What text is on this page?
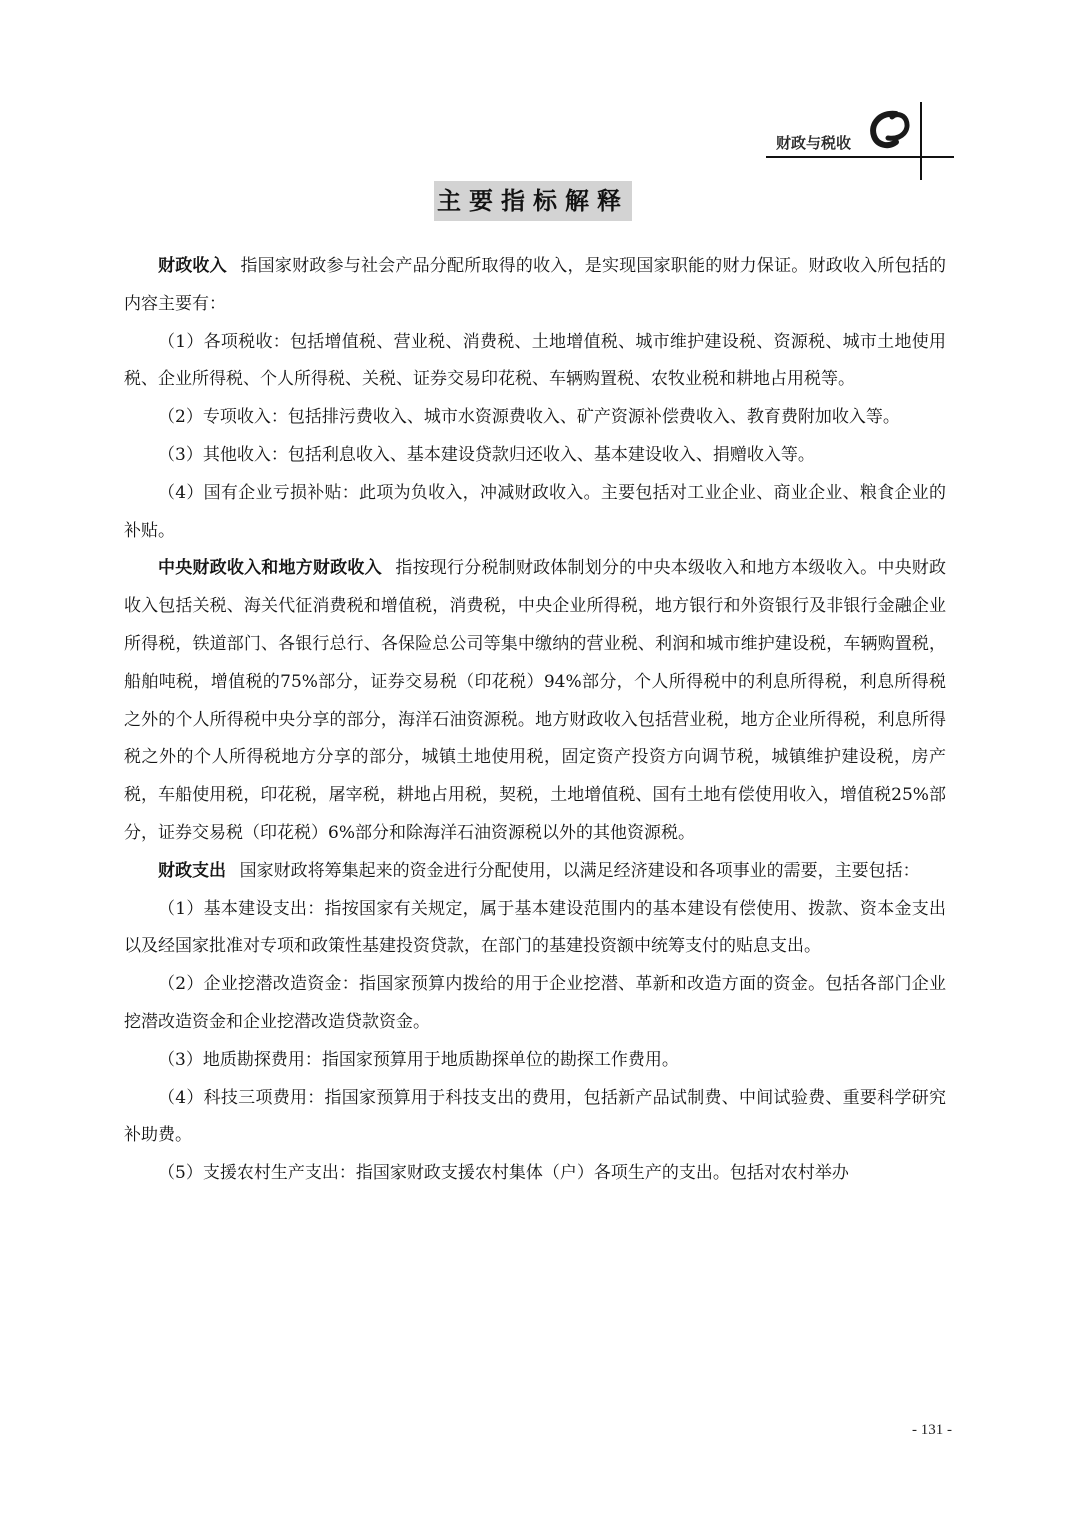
财政与税收
主要指标解释

财政收入 指国家财政参与社会产品分配所取得的收入，是实现国家职能的财力保证。财政收入所包括的内容主要有：

（1）各项税收：包括增值税、营业税、消费税、土地增值税、城市维护建设税、资源税、城市土地使用税、企业所得税、个人所得税、关税、证券交易印花税、车辆购置税、农牧业税和耕地占用税等。

（2）专项收入：包括排污费收入、城市水资源费收入、矿产资源补偿费收入、教育费附加收入等。

（3）其他收入：包括利息收入、基本建设贷款归还收入、基本建设收入、捐赠收入等。

（4）国有企业亏损补贴：此项为负收入，冲减财政收入。主要包括对工业企业、商业企业、粮食企业的补贴。

中央财政收入和地方财政收入 指按现行分税制财政体制划分的中央本级收入和地方本级收入。中央财政收入包括关税、海关代征消费税和增值税，消费税，中央企业所得税，地方银行和外资银行及非银行金融企业所得税，铁道部门、各银行总行、各保险总公司等集中缴纳的营业税、利润和城市维护建设税，车辆购置税，船舶吨税，增值税的75%部分，证券交易税（印花税）94%部分，个人所得税中的利息所得税，利息所得税之外的个人所得税中央分享的部分，海洋石油资源税。地方财政收入包括营业税，地方企业所得税，利息所得税之外的个人所得税地方分享的部分，城镇土地使用税，固定资产投资方向调节税，城镇维护建设税，房产税，车船使用税，印花税，屠宰税，耕地占用税，契税，土地增值税、国有土地有偿使用收入，增值税25%部分，证券交易税（印花税）6%部分和除海洋石油资源税以外的其他资源税。

财政支出 国家财政将筹集起来的资金进行分配使用，以满足经济建设和各项事业的需要，主要包括：

（1）基本建设支出：指按国家有关规定，属于基本建设范围内的基本建设有偿使用、拨款、资本金支出以及经国家批准对专项和政策性基建投资贷款，在部门的基建投资额中统筹支付的贴息支出。

（2）企业挖潜改造资金：指国家预算内拨给的用于企业挖潜、革新和改造方面的资金。包括各部门企业挖潜改造资金和企业挖潜改造贷款资金。

（3）地质勘探费用：指国家预算用于地质勘探单位的勘探工作费用。

（4）科技三项费用：指国家预算用于科技支出的费用，包括新产品试制费、中间试验费、重要科学研究补助费。

（5）支援农村生产支出：指国家财政支援农村集体（户）各项生产的支出。包括对农村举办

- 131 -
